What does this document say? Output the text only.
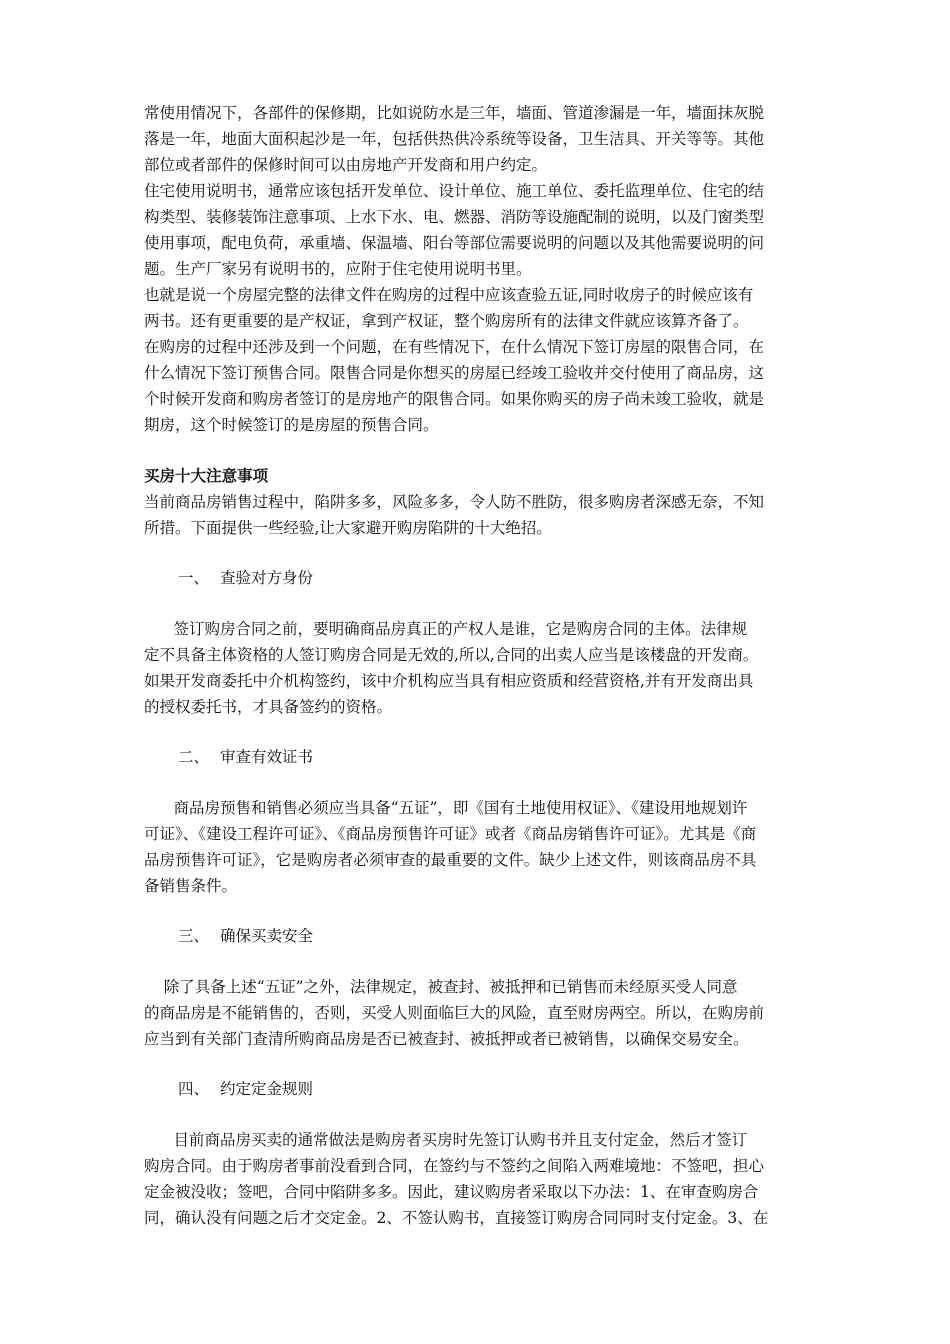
常使用情况下，各部件的保修期，比如说防水是三年，墙面、管道渗漏是一年，墙面抹灰脱
落是一年，地面大面积起沙是一年，包括供热供冷系统等设备，卫生洁具、开关等等。其他
部位或者部件的保修时间可以由房地产开发商和用户约定。
住宅使用说明书，通常应该包括开发单位、设计单位、施工单位、委托监理单位、住宅的结
构类型、装修装饰注意事项、上水下水、电、燃器、消防等设施配制的说明，以及门窗类型
使用事项，配电负荷，承重墙、保温墙、阳台等部位需要说明的问题以及其他需要说明的问
题。生产厂家另有说明书的，应附于住宅使用说明书里。
也就是说一个房屋完整的法律文件在购房的过程中应该查验五证,同时收房子的时候应该有
两书。还有更重要的是产权证，拿到产权证，整个购房所有的法律文件就应该算齐备了。
在购房的过程中还涉及到一个问题，在有些情况下，在什么情况下签订房屋的限售合同，在
什么情况下签订预售合同。限售合同是你想买的房屋已经竣工验收并交付使用了商品房，这
个时候开发商和购房者签订的是房地产的限售合同。如果你购买的房子尚未竣工验收，就是
期房，这个时候签订的是房屋的预售合同。
买房十大注意事项
当前商品房销售过程中，陷阱多多，风险多多，令人防不胜防，很多购房者深感无奈，不知
所措。下面提供一些经验,让大家避开购房陷阱的十大绝招。
一、 查验对方身份
签订购房合同之前，要明确商品房真正的产权人是谁，它是购房合同的主体。法律规
定不具备主体资格的人签订购房合同是无效的,所以,合同的出卖人应当是该楼盘的开发商。
如果开发商委托中介机构签约，该中介机构应当具有相应资质和经营资格,并有开发商出具
的授权委托书，才具备签约的资格。
二、 审查有效证书
商品房预售和销售必须应当具备“五证”，即《国有土地使用权证》、《建设用地规划许
可证》、《建设工程许可证》、《商品房预售许可证》或者《商品房销售许可证》。尤其是《商
品房预售许可证》，它是购房者必须审查的最重要的文件。缺少上述文件，则该商品房不具
备销售条件。
三、 确保买卖安全
除了具备上述“五证”之外，法律规定，被查封、被抵押和已销售而未经原买受人同意
的商品房是不能销售的，否则，买受人则面临巨大的风险，直至财房两空。所以，在购房前
应当到有关部门查清所购商品房是否已被查封、被抵押或者已被销售，以确保交易安全。
四、 约定定金规则
目前商品房买卖的通常做法是购房者买房时先签订认购书并且支付定金，然后才签订
购房合同。由于购房者事前没看到合同，在签约与不签约之间陷入两难境地：不签吧，担心
定金被没收；签吧，合同中陷阱多多。因此，建议购房者采取以下办法：1、在审查购房合
同，确认没有问题之后才交定金。2、不签认购书，直接签订购房合同同时支付定金。3、在
